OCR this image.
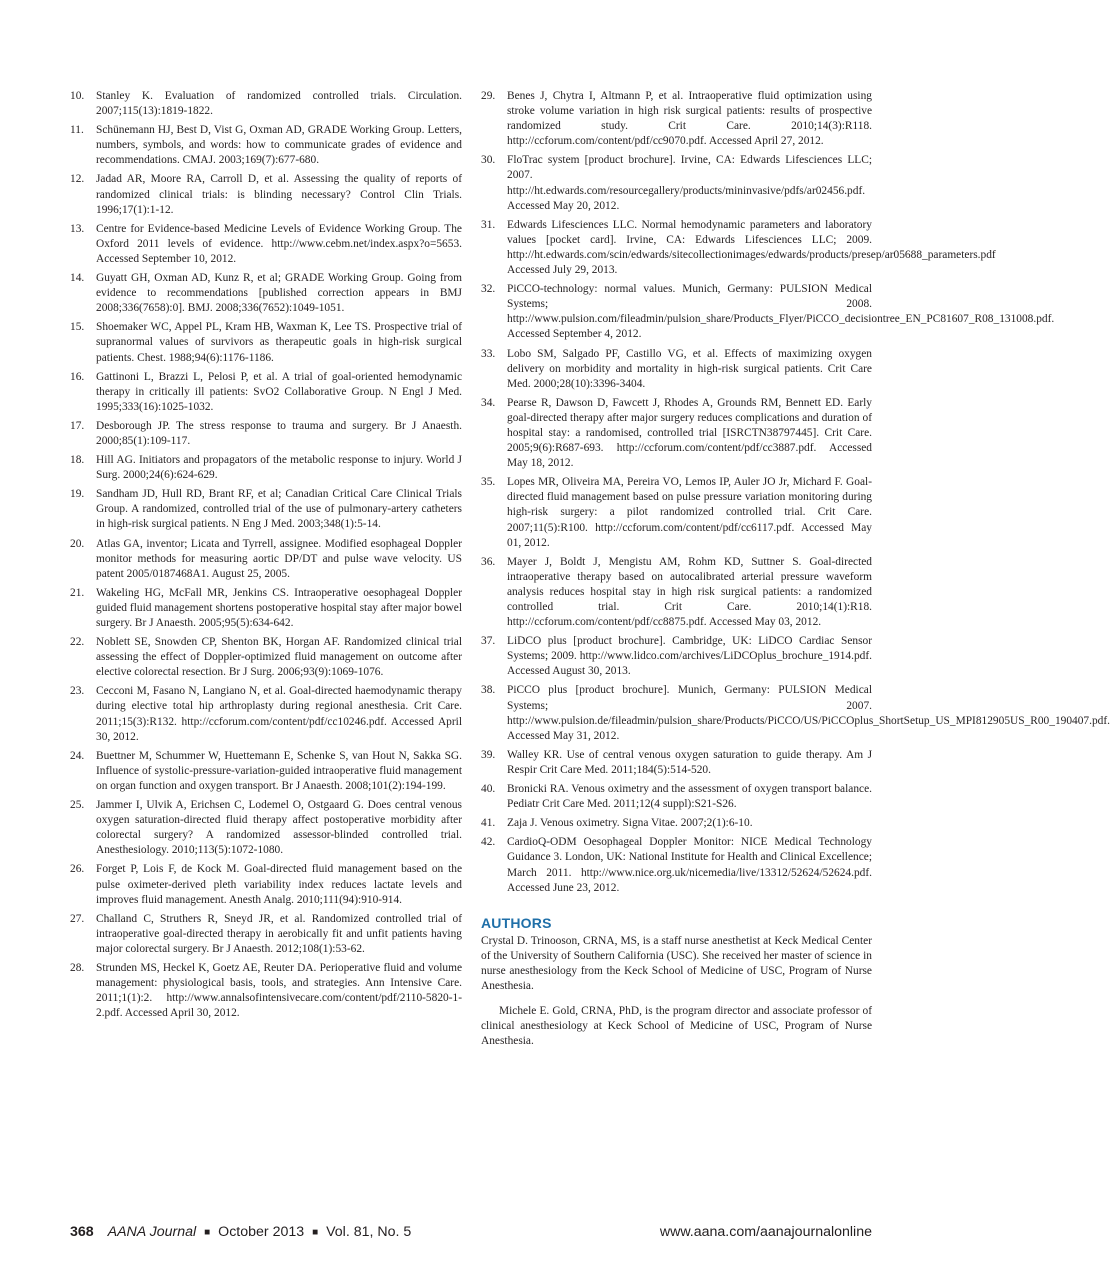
10.	Stanley K. Evaluation of randomized controlled trials. Circulation. 2007;115(13):1819-1822.
11.	Schünemann HJ, Best D, Vist G, Oxman AD, GRADE Working Group. Letters, numbers, symbols, and words: how to communicate grades of evidence and recommendations. CMAJ. 2003;169(7):677-680.
12.	Jadad AR, Moore RA, Carroll D, et al. Assessing the quality of reports of randomized clinical trials: is blinding necessary? Control Clin Trials. 1996;17(1):1-12.
13.	Centre for Evidence-based Medicine Levels of Evidence Working Group. The Oxford 2011 levels of evidence. http://www.cebm.net/index.aspx?o=5653. Accessed September 10, 2012.
14.	Guyatt GH, Oxman AD, Kunz R, et al; GRADE Working Group. Going from evidence to recommendations [published correction appears in BMJ 2008;336(7658):0]. BMJ. 2008;336(7652):1049-1051.
15.	Shoemaker WC, Appel PL, Kram HB, Waxman K, Lee TS. Prospective trial of supranormal values of survivors as therapeutic goals in high-risk surgical patients. Chest. 1988;94(6):1176-1186.
16.	Gattinoni L, Brazzi L, Pelosi P, et al. A trial of goal-oriented hemodynamic therapy in critically ill patients: SvO2 Collaborative Group. N Engl J Med. 1995;333(16):1025-1032.
17.	Desborough JP. The stress response to trauma and surgery. Br J Anaesth. 2000;85(1):109-117.
18.	Hill AG. Initiators and propagators of the metabolic response to injury. World J Surg. 2000;24(6):624-629.
19.	Sandham JD, Hull RD, Brant RF, et al; Canadian Critical Care Clinical Trials Group. A randomized, controlled trial of the use of pulmonary-artery catheters in high-risk surgical patients. N Eng J Med. 2003;348(1):5-14.
20.	Atlas GA, inventor; Licata and Tyrrell, assignee. Modified esophageal Doppler monitor methods for measuring aortic DP/DT and pulse wave velocity. US patent 2005/0187468A1. August 25, 2005.
21.	Wakeling HG, McFall MR, Jenkins CS. Intraoperative oesophageal Doppler guided fluid management shortens postoperative hospital stay after major bowel surgery. Br J Anaesth. 2005;95(5):634-642.
22.	Noblett SE, Snowden CP, Shenton BK, Horgan AF. Randomized clinical trial assessing the effect of Doppler-optimized fluid management on outcome after elective colorectal resection. Br J Surg. 2006;93(9):1069-1076.
23.	Cecconi M, Fasano N, Langiano N, et al. Goal-directed haemodynamic therapy during elective total hip arthroplasty during regional anesthesia. Crit Care. 2011;15(3):R132. http://ccforum.com/content/pdf/cc10246.pdf. Accessed April 30, 2012.
24.	Buettner M, Schummer W, Huettemann E, Schenke S, van Hout N, Sakka SG. Influence of systolic-pressure-variation-guided intraoperative fluid management on organ function and oxygen transport. Br J Anaesth. 2008;101(2):194-199.
25.	Jammer I, Ulvik A, Erichsen C, Lodemel O, Ostgaard G. Does central venous oxygen saturation-directed fluid therapy affect postoperative morbidity after colorectal surgery? A randomized assessor-blinded controlled trial. Anesthesiology. 2010;113(5):1072-1080.
26.	Forget P, Lois F, de Kock M. Goal-directed fluid management based on the pulse oximeter-derived pleth variability index reduces lactate levels and improves fluid management. Anesth Analg. 2010;111(94):910-914.
27.	Challand C, Struthers R, Sneyd JR, et al. Randomized controlled trial of intraoperative goal-directed therapy in aerobically fit and unfit patients having major colorectal surgery. Br J Anaesth. 2012;108(1):53-62.
28.	Strunden MS, Heckel K, Goetz AE, Reuter DA. Perioperative fluid and volume management: physiological basis, tools, and strategies. Ann Intensive Care. 2011;1(1):2. http://www.annalsofintensivecare.com/content/pdf/2110-5820-1-2.pdf. Accessed April 30, 2012.
29.	Benes J, Chytra I, Altmann P, et al. Intraoperative fluid optimization using stroke volume variation in high risk surgical patients: results of prospective randomized study. Crit Care. 2010;14(3):R118. http://ccforum.com/content/pdf/cc9070.pdf. Accessed April 27, 2012.
30.	FloTrac system [product brochure]. Irvine, CA: Edwards Lifesciences LLC; 2007. http://ht.edwards.com/resourcegallery/products/mininvasive/pdfs/ar02456.pdf. Accessed May 20, 2012.
31.	Edwards Lifesciences LLC. Normal hemodynamic parameters and laboratory values [pocket card]. Irvine, CA: Edwards Lifesciences LLC; 2009. http://ht.edwards.com/scin/edwards/sitecollectionimages/edwards/products/presep/ar05688_parameters.pdf Accessed July 29, 2013.
32.	PiCCO-technology: normal values. Munich, Germany: PULSION Medical Systems; 2008. http://www.pulsion.com/fileadmin/pulsion_share/Products_Flyer/PiCCO_decisiontree_EN_PC81607_R08_131008.pdf. Accessed September 4, 2012.
33.	Lobo SM, Salgado PF, Castillo VG, et al. Effects of maximizing oxygen delivery on morbidity and mortality in high-risk surgical patients. Crit Care Med. 2000;28(10):3396-3404.
34.	Pearse R, Dawson D, Fawcett J, Rhodes A, Grounds RM, Bennett ED. Early goal-directed therapy after major surgery reduces complications and duration of hospital stay: a randomised, controlled trial [ISRCTN38797445]. Crit Care. 2005;9(6):R687-693. http://ccforum.com/content/pdf/cc3887.pdf. Accessed May 18, 2012.
35.	Lopes MR, Oliveira MA, Pereira VO, Lemos IP, Auler JO Jr, Michard F. Goal-directed fluid management based on pulse pressure variation monitoring during high-risk surgery: a pilot randomized controlled trial. Crit Care. 2007;11(5):R100. http://ccforum.com/content/pdf/cc6117.pdf. Accessed May 01, 2012.
36.	Mayer J, Boldt J, Mengistu AM, Rohm KD, Suttner S. Goal-directed intraoperative therapy based on autocalibrated arterial pressure waveform analysis reduces hospital stay in high risk surgical patients: a randomized controlled trial. Crit Care. 2010;14(1):R18. http://ccforum.com/content/pdf/cc8875.pdf. Accessed May 03, 2012.
37.	LiDCO plus [product brochure]. Cambridge, UK: LiDCO Cardiac Sensor Systems; 2009. http://www.lidco.com/archives/LiDCOplus_brochure_1914.pdf. Accessed August 30, 2013.
38.	PiCCO plus [product brochure]. Munich, Germany: PULSION Medical Systems; 2007. http://www.pulsion.de/fileadmin/pulsion_share/Products/PiCCO/US/PiCCOplus_ShortSetup_US_MPI812905US_R00_190407.pdf. Accessed May 31, 2012.
39.	Walley KR. Use of central venous oxygen saturation to guide therapy. Am J Respir Crit Care Med. 2011;184(5):514-520.
40.	Bronicki RA. Venous oximetry and the assessment of oxygen transport balance. Pediatr Crit Care Med. 2011;12(4 suppl):S21-S26.
41.	Zaja J. Venous oximetry. Signa Vitae. 2007;2(1):6-10.
42.	CardioQ-ODM Oesophageal Doppler Monitor: NICE Medical Technology Guidance 3. London, UK: National Institute for Health and Clinical Excellence; March 2011. http://www.nice.org.uk/nicemedia/live/13312/52624/52624.pdf. Accessed June 23, 2012.
AUTHORS

Crystal D. Trinooson, CRNA, MS, is a staff nurse anesthetist at Keck Medical Center of the University of Southern California (USC). She received her master of science in nurse anesthesiology from the Keck School of Medicine of USC, Program of Nurse Anesthesia.

Michele E. Gold, CRNA, PhD, is the program director and associate professor of clinical anesthesiology at Keck School of Medicine of USC, Program of Nurse Anesthesia.

368 AANA Journal ■ October 2013 ■ Vol. 81, No. 5	www.aana.com/aanajournalonline
